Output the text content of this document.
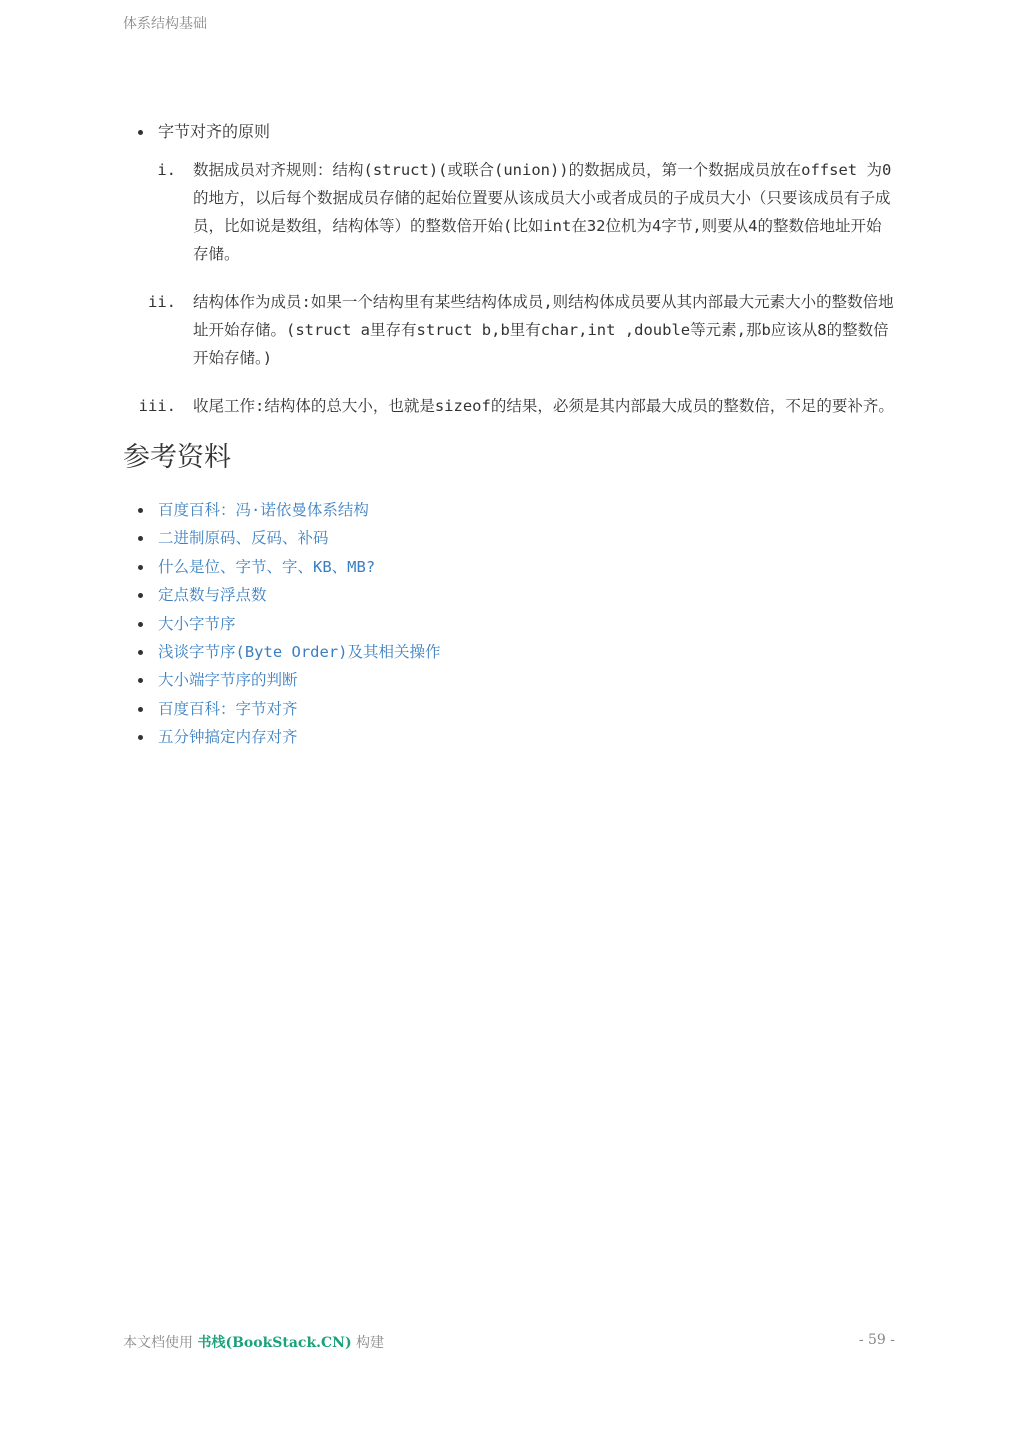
体系结构基础
字节对齐的原则
i. 数据成员对齐规则：结构(struct)(或联合(union))的数据成员，第一个数据成员放在offset 为0的地方，以后每个数据成员存储的起始位置要从该成员大小或者成员的子成员大小（只要该成员有子成员，比如说是数组，结构体等）的整数倍开始(比如int在32位机为4字节,则要从4的整数倍地址开始存储。
ii. 结构体作为成员:如果一个结构里有某些结构体成员,则结构体成员要从其内部最大元素大小的整数倍地址开始存储。(struct a里存有struct b,b里有char,int ,double等元素,那b应该从8的整数倍开始存储。)
iii. 收尾工作:结构体的总大小，也就是sizeof的结果，必须是其内部最大成员的整数倍，不足的要补齐。
参考资料
百度百科：冯·诺依曼体系结构
二进制原码、反码、补码
什么是位、字节、字、KB、MB?
定点数与浮点数
大小字节序
浅谈字节序(Byte Order)及其相关操作
大小端字节序的判断
百度百科：字节对齐
五分钟搞定内存对齐
本文档使用 书栈(BookStack.CN) 构建	- 59 -
